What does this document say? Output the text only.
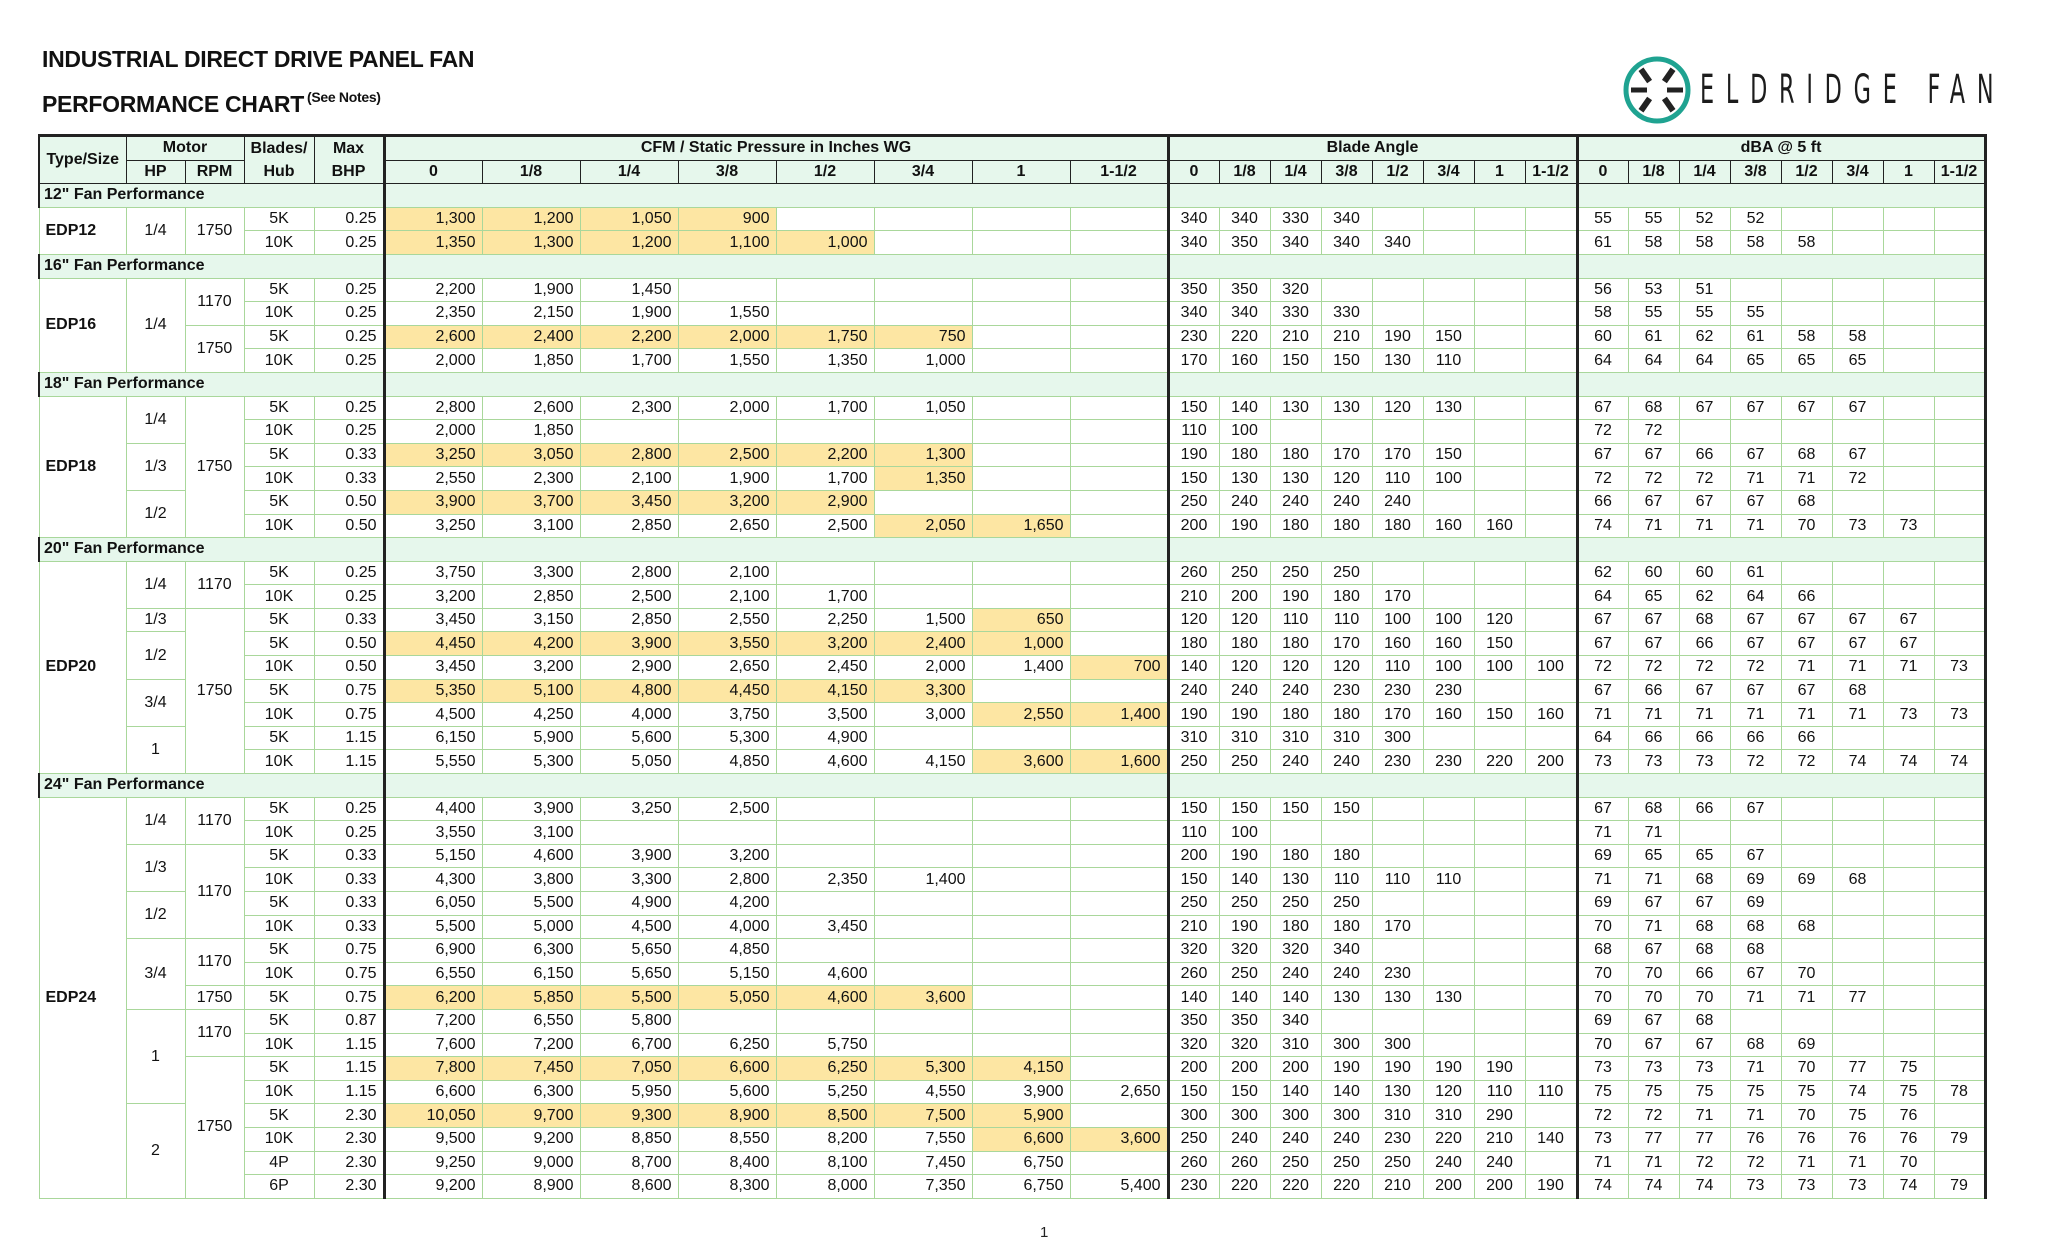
INDUSTRIAL DIRECT DRIVE PANEL FAN
PERFORMANCE CHART $^{(See Notes)}$	ELDRIDGE FAN
Type/Size	Motor		Blades/	Max	CFM / Static Pressure in Inches WG								Blade Angle								dBA @ 5 ft							
	HP	RPM	Hub	BHP	0	1/8	1/4	3/8	1/2	3/4	1	1-1/2	0	1/8	1/4	3/8	1/2	3/4	1	1-1/2	0	1/8	1/4	3/8	1/2	3/4	1	1-1/2
12" Fan Performance																												
EDP12	1/4	1750	5K	0.25	1,300	1,200	1,050	900					340	340	330	340					55	55	52	52				
			10K	0.25	1,350	1,300	1,200	1,100	1,000				340	350	340	340	340				61	58	58	58	58			
16" Fan Performance																												
EDP16	1/4	1170	5K	0.25	2,200	1,900	1,450						350	350	320						56	53	51					
			10K	0.25	2,350	2,150	1,900	1,550					340	340	330	330					58	55	55	55				
		1750	5K	0.25	2,600	2,400	2,200	2,000	1,750	750			230	220	210	210	190	150			60	61	62	61	58	58		
			10K	0.25	2,000	1,850	1,700	1,550	1,350	1,000			170	160	150	150	130	110			64	64	64	65	65	65		
18" Fan Performance																												
EDP18	1/4	1750	5K	0.25	2,800	2,600	2,300	2,000	1,700	1,050			150	140	130	130	120	130			67	68	67	67	67	67		
			10K	0.25	2,000	1,850							110	100							72	72						
	1/3		5K	0.33	3,250	3,050	2,800	2,500	2,200	1,300			190	180	180	170	170	150			67	67	66	67	68	67		
			10K	0.33	2,550	2,300	2,100	1,900	1,700	1,350			150	130	130	120	110	100			72	72	72	71	71	72		
	1/2		5K	0.50	3,900	3,700	3,450	3,200	2,900				250	240	240	240	240				66	67	67	67	68			
			10K	0.50	3,250	3,100	2,850	2,650	2,500	2,050	1,650		200	190	180	180	180	160	160		74	71	71	71	70	73	73	
20" Fan Performance																												
EDP20	1/4	1170	5K	0.25	3,750	3,300	2,800	2,100					260	250	250	250					62	60	60	61				
			10K	0.25	3,200	2,850	2,500	2,100	1,700				210	200	190	180	170				64	65	62	64	66			
	1/3	1750	5K	0.33	3,450	3,150	2,850	2,550	2,250	1,500	650		120	120	110	110	100	100	120		67	67	68	67	67	67	67	
	1/2		5K	0.50	4,450	4,200	3,900	3,550	3,200	2,400	1,000		180	180	180	170	160	160	150		67	67	66	67	67	67	67	
			10K	0.50	3,450	3,200	2,900	2,650	2,450	2,000	1,400	700	140	120	120	120	110	100	100	100	72	72	72	72	71	71	71	73
	3/4		5K	0.75	5,350	5,100	4,800	4,450	4,150	3,300			240	240	240	230	230	230			67	66	67	67	67	68		
			10K	0.75	4,500	4,250	4,000	3,750	3,500	3,000	2,550	1,400	190	190	180	180	170	160	150	160	71	71	71	71	71	71	73	73
	1		5K	1.15	6,150	5,900	5,600	5,300	4,900				310	310	310	310	300				64	66	66	66	66			
			10K	1.15	5,550	5,300	5,050	4,850	4,600	4,150	3,600	1,600	250	250	240	240	230	230	220	200	73	73	73	72	72	74	74	74
24" Fan Performance																												
EDP24	1/4	1170	5K	0.25	4,400	3,900	3,250	2,500					150	150	150	150					67	68	66	67				
			10K	0.25	3,550	3,100							110	100							71	71						
	1/3	1170	5K	0.33	5,150	4,600	3,900	3,200					200	190	180	180					69	65	65	67				
			10K	0.33	4,300	3,800	3,300	2,800	2,350	1,400			150	140	130	110	110	110			71	71	68	69	69	68		
	1/2		5K	0.33	6,050	5,500	4,900	4,200					250	250	250	250					69	67	67	69				
			10K	0.33	5,500	5,000	4,500	4,000	3,450				210	190	180	180	170				70	71	68	68	68			
	3/4	1170	5K	0.75	6,900	6,300	5,650	4,850					320	320	320	340					68	67	68	68				
			10K	0.75	6,550	6,150	5,650	5,150	4,600				260	250	240	240	230				70	70	66	67	70			
		1750	5K	0.75	6,200	5,850	5,500	5,050	4,600	3,600			140	140	140	130	130	130			70	70	70	71	71	77		
	1	1170	5K	0.87	7,200	6,550	5,800						350	350	340						69	67	68					
			10K	1.15	7,600	7,200	6,700	6,250	5,750				320	320	310	300	300				70	67	67	68	69			
		1750	5K	1.15	7,800	7,450	7,050	6,600	6,250	5,300	4,150		200	200	200	190	190	190	190		73	73	73	71	70	77	75	
			10K	1.15	6,600	6,300	5,950	5,600	5,250	4,550	3,900	2,650	150	150	140	140	130	120	110	110	75	75	75	75	75	74	75	78
	2		5K	2.30	10,050	9,700	9,300	8,900	8,500	7,500	5,900		300	300	300	300	310	310	290		72	72	71	71	70	75	76	
			10K	2.30	9,500	9,200	8,850	8,550	8,200	7,550	6,600	3,600	250	240	240	240	230	220	210	140	73	77	77	76	76	76	76	79
			4P	2.30	9,250	9,000	8,700	8,400	8,100	7,450	6,750		260	260	250	250	250	240	240		71	71	72	72	71	71	70	
			6P	2.30	9,200	8,900	8,600	8,300	8,000	7,350	6,750	5,400	230	220	220	220	210	200	200	190	74	74	74	73	73	73	74	79
1
